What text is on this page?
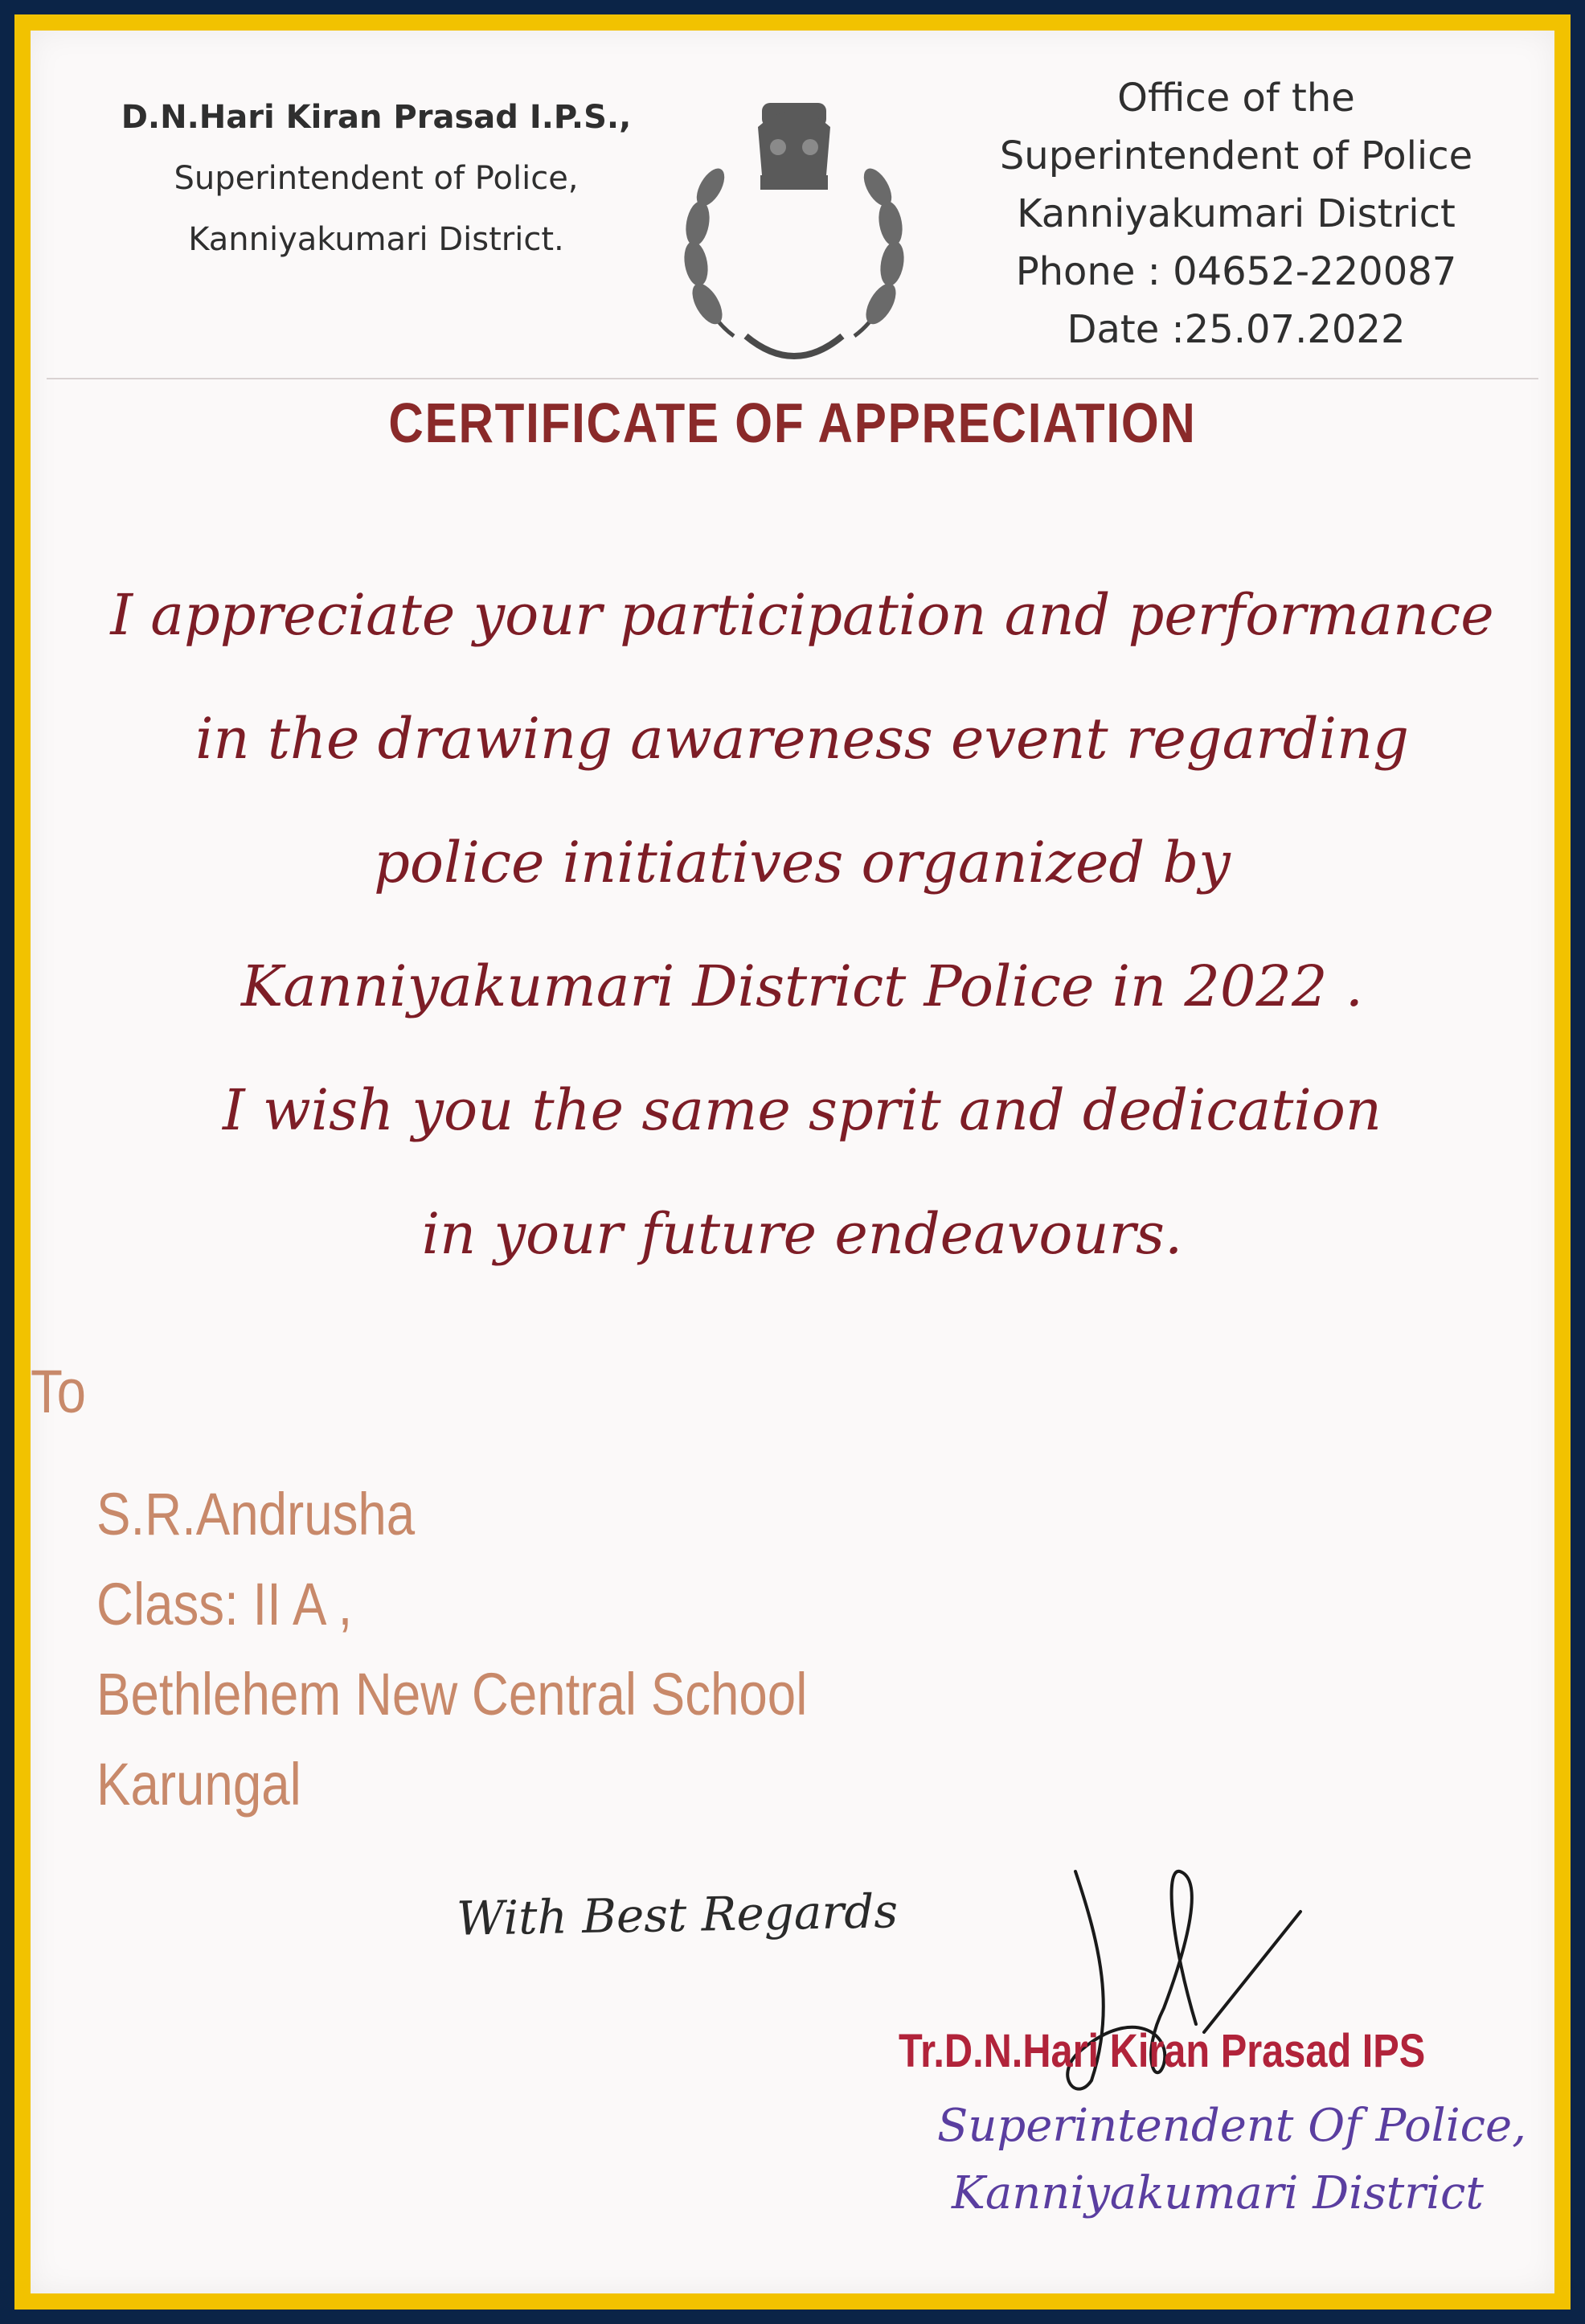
D.N.Hari Kiran Prasad I.P.S.,
Superintendent of Police,
Kanniyakumari District.
Office of the
Superintendent of Police
Kanniyakumari District
Phone : 04652-220087
Date :25.07.2022
CERTIFICATE OF APPRECIATION
I appreciate your participation and performance
in the drawing awareness event regarding
police initiatives organized by
Kanniyakumari District Police in 2022 .
I wish you the same sprit and dedication
in your future endeavours.
To
S.R.Andrusha
Class: II A ,
Bethlehem New Central School
Karungal
With Best Regards
Tr.D.N.Hari Kiran Prasad IPS
Superintendent Of Police,
Kanniyakumari District
